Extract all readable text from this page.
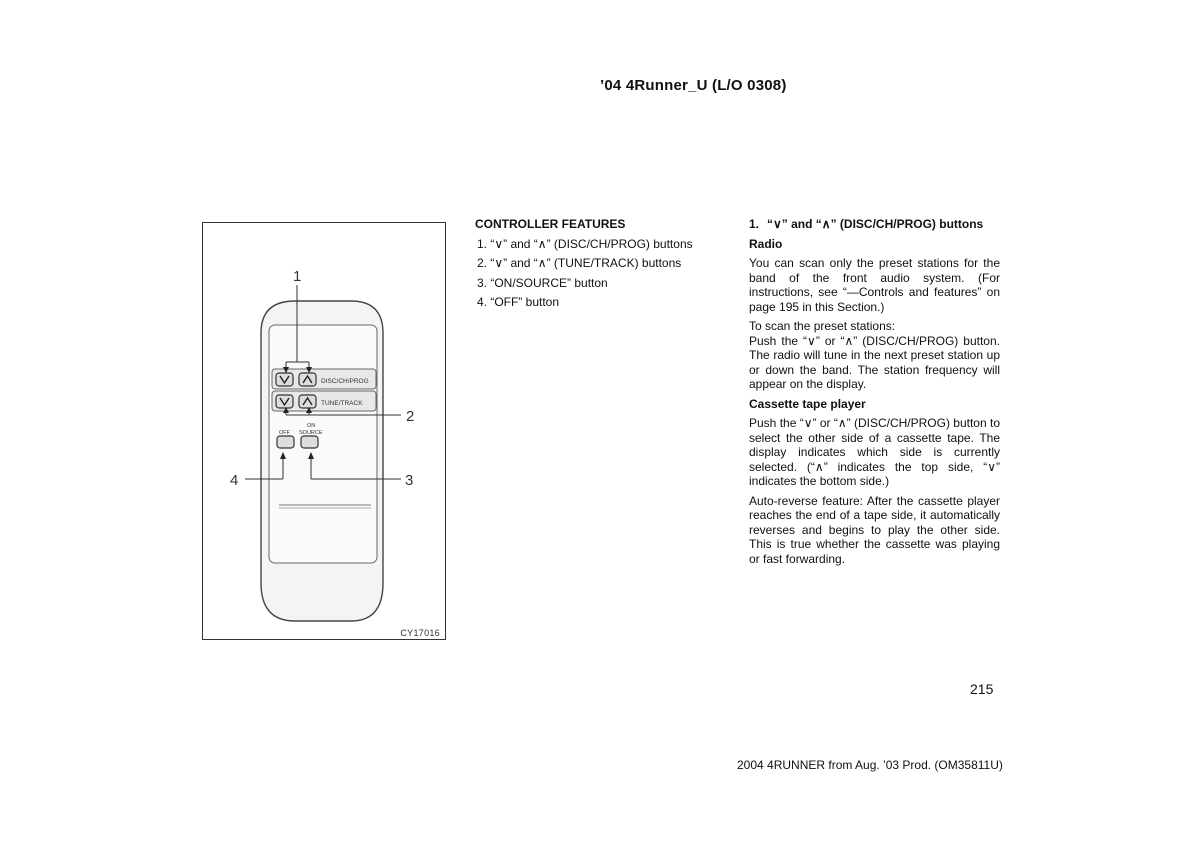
’04 4Runner_U (L/O 0308)
DISC/CH/PROG
TUNE/TRACK
OFF
ON
SOURCE
1
2
3
4
CY17016
CONTROLLER FEATURES
1. “∨” and “∧” (DISC/CH/PROG) buttons
2. “∨” and “∧” (TUNE/TRACK) buttons
3. “ON/SOURCE” button
4. “OFF” button
1. “∨” and “∧” (DISC/CH/PROG) buttons
Radio

You can scan only the preset stations for the band of the front audio system. (For instructions, see “—Controls and features” on page 195 in this Section.)

To scan the preset stations:
Push the “∨” or “∧” (DISC/CH/PROG) button. The radio will tune in the next preset station up or down the band. The station frequency will appear on the display.
Cassette tape player

Push the “∨” or “∧” (DISC/CH/PROG) button to select the other side of a cassette tape. The display indicates which side is currently selected. (“∧” indicates the top side, “∨” indicates the bottom side.)

Auto-reverse feature: After the cassette player reaches the end of a tape side, it automatically reverses and begins to play the other side. This is true whether the cassette was playing or fast forwarding.

215
2004 4RUNNER from Aug. ’03 Prod. (OM35811U)
